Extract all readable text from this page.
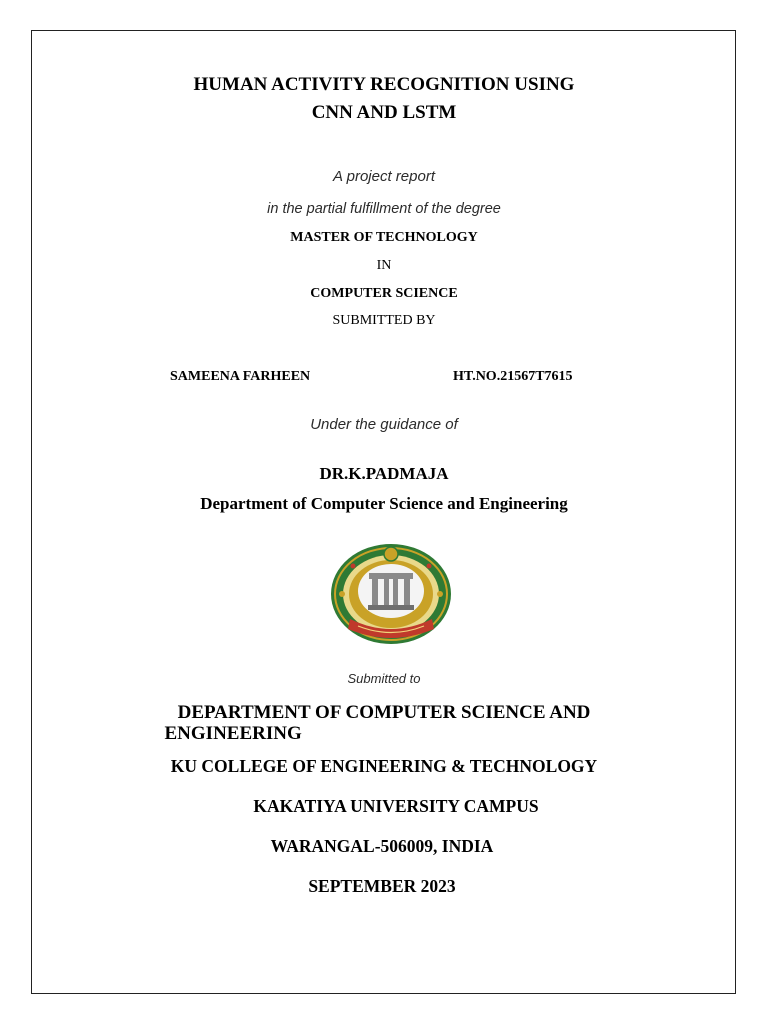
HUMAN ACTIVITY RECOGNITION USING
CNN AND LSTM
A project report
in the partial fulfillment of the degree
MASTER OF TECHNOLOGY
IN
COMPUTER SCIENCE
SUBMITTED BY
SAMEENA FARHEEN	HT.NO.21567T7615
Under the guidance of
DR.K.PADMAJA
Department of Computer Science and Engineering
Submitted to
DEPARTMENT OF COMPUTER SCIENCE AND
ENGINEERING
KU COLLEGE OF ENGINEERING & TECHNOLOGY
KAKATIYA UNIVERSITY CAMPUS
WARANGAL-506009, INDIA
SEPTEMBER 2023
